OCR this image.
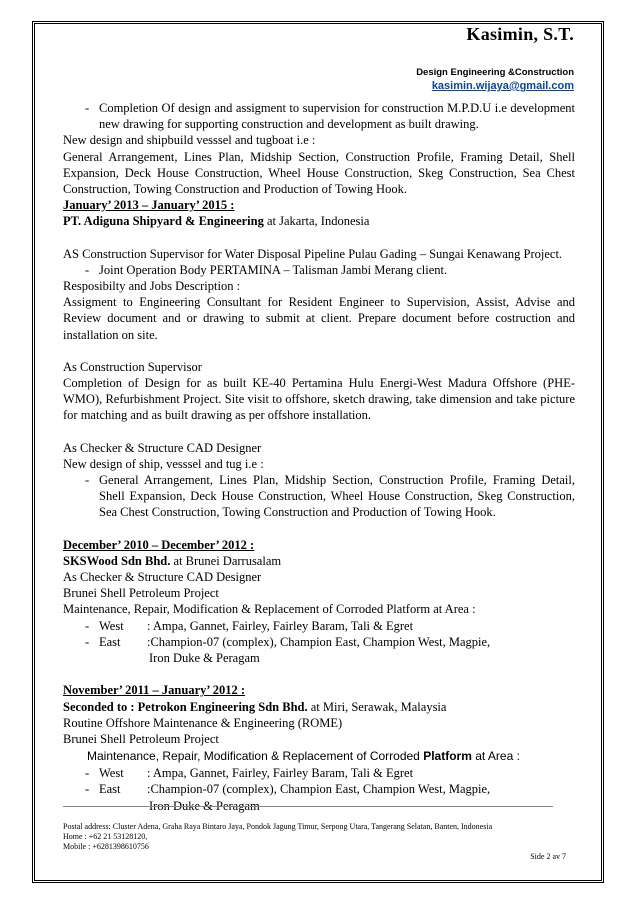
Kasimin, S.T.
Design Engineering &Construction
kasimin.wijaya@gmail.com
- Completion Of design and assigment to supervision for construction M.P.D.U i.e development new drawing for supporting construction and development as built drawing.

New design and shipbuild vesssel and tugboat i.e :

General Arrangement, Lines Plan, Midship Section, Construction Profile, Framing Detail, Shell Expansion, Deck House Construction, Wheel House Construction, Skeg Construction, Sea Chest Construction, Towing Construction and Production of Towing Hook.

January’ 2013 – January’ 2015 :

PT. Adiguna Shipyard & Engineering at Jakarta, Indonesia

AS Construction Supervisor for Water Disposal Pipeline Pulau Gading – Sungai Kenawang Project.

- Joint Operation Body PERTAMINA – Talisman Jambi Merang client.

Resposibilty and Jobs Description :

Assigment to Engineering Consultant for Resident Engineer to Supervision, Assist, Advise and Review document and or drawing to submit at client. Prepare document before costruction and installation on site.

As Construction Supervisor

Completion of Design for as built KE-40 Pertamina Hulu Energi-West Madura Offshore (PHE-WMO), Refurbishment Project. Site visit to offshore, sketch drawing, take dimension and take picture for matching and as built drawing as per offshore installation.

As Checker & Structure CAD Designer

New design of ship, vesssel and tug i.e :

- General Arrangement, Lines Plan, Midship Section, Construction Profile, Framing Detail, Shell Expansion, Deck House Construction, Wheel House Construction, Skeg Construction, Sea Chest Construction, Towing Construction and Production of Towing Hook.

December’ 2010 – December’ 2012 :

SKSWood Sdn Bhd. at Brunei Darrusalam

As Checker & Structure CAD Designer

Brunei Shell Petroleum Project

Maintenance, Repair, Modification & Replacement of Corroded Platform at Area :

- West : Ampa, Gannet, Fairley, Fairley Baram, Tali & Egret
- East :Champion-07 (complex), Champion East, Champion West, Magpie,

Iron Duke & Peragam

November’ 2011 – January’ 2012 :

Seconded to : Petrokon Engineering Sdn Bhd. at Miri, Serawak, Malaysia

Routine Offshore Maintenance & Engineering (ROME)

Brunei Shell Petroleum Project

Maintenance, Repair, Modification & Replacement of Corroded Platform at Area :

- West : Ampa, Gannet, Fairley, Fairley Baram, Tali & Egret
- East :Champion-07 (complex), Champion East, Champion West, Magpie,

Iron Duke & Peragam

Postal address: Cluster Adena, Graha Raya Bintaro Jaya, Pondok Jagung Timur, Serpong Utara, Tangerang Selatan, Banten, Indonesia
Home : +62 21 53128120,
Mobile : +6281398610756
Side 2 av 7
